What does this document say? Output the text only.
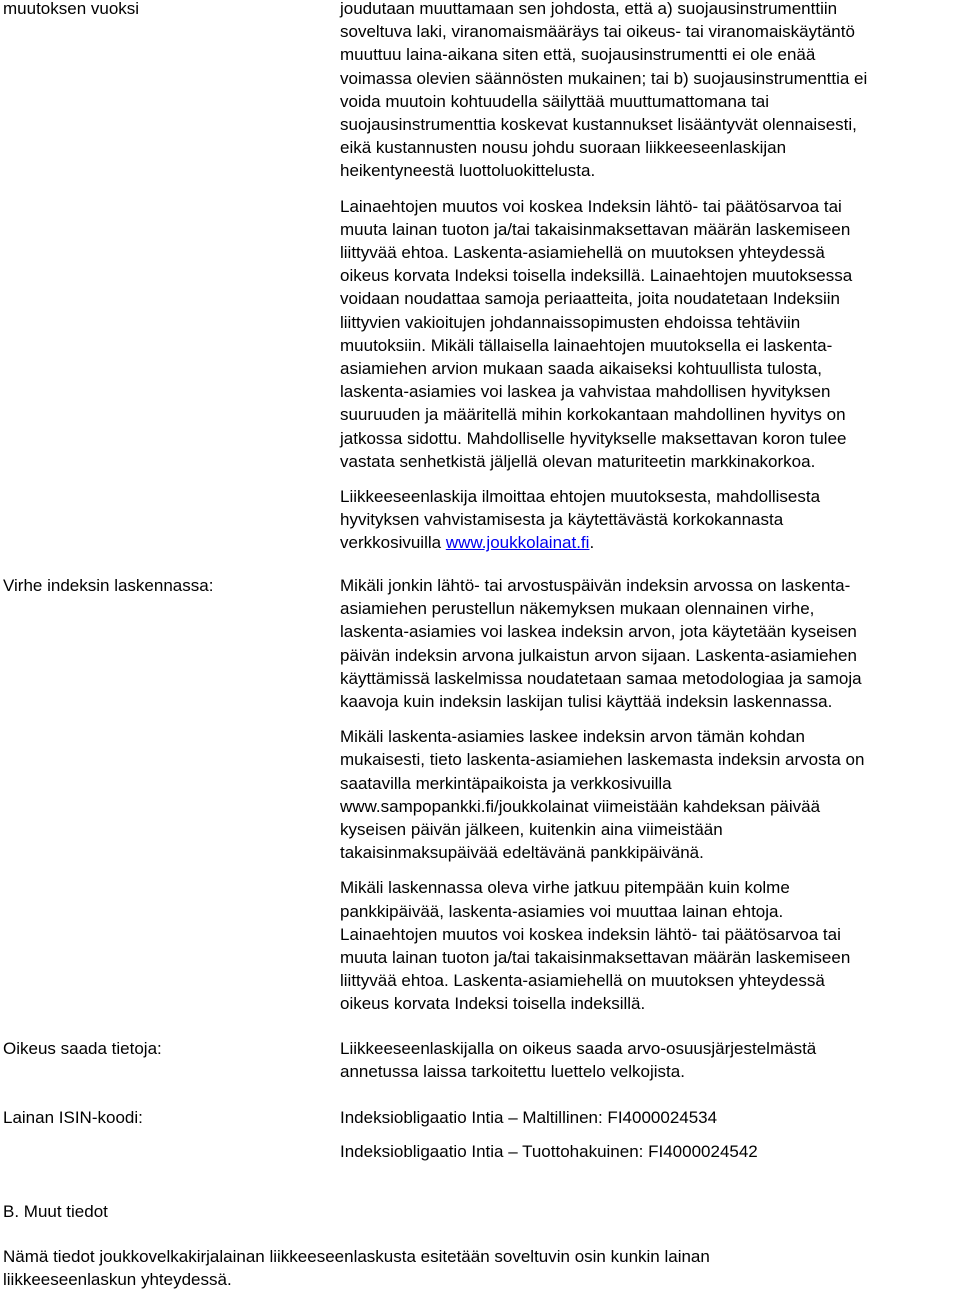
muutoksen vuoksi	joudutaan muuttamaan sen johdosta, että a) suojausinstrumenttiin
soveltuva laki, viranomaismääräys tai oikeus- tai viranomaiskäytäntö
muuttuu laina-aikana siten että, suojausinstrumentti ei ole enää
voimassa olevien säännösten mukainen; tai b) suojausinstrumenttia ei
voida muutoin kohtuudella säilyttää muuttumattomana tai
suojausinstrumenttia koskevat kustannukset lisääntyvät olennaisesti,
eikä kustannusten nousu johdu suoraan liikkeeseenlaskijan
heikentyneestä luottoluokittelusta.

Lainaehtojen muutos voi koskea Indeksin lähtö- tai päätösarvoa tai
muuta lainan tuoton ja/tai takaisinmaksettavan määrän laskemiseen
liittyvää ehtoa. Laskenta-asiamiehellä on muutoksen yhteydessä
oikeus korvata Indeksi toisella indeksillä. Lainaehtojen muutoksessa
voidaan noudattaa samoja periaatteita, joita noudatetaan Indeksiin
liittyvien vakioitujen johdannaissopimusten ehdoissa tehtäviin
muutoksiin. Mikäli tällaisella lainaehtojen muutoksella ei laskenta-
asiamiehen arvion mukaan saada aikaiseksi kohtuullista tulosta,
laskenta-asiamies voi laskea ja vahvistaa mahdollisen hyvityksen
suuruuden ja määritellä mihin korkokantaan mahdollinen hyvitys on
jatkossa sidottu. Mahdolliselle hyvitykselle maksettavan koron tulee
vastata senhetkistä jäljellä olevan maturiteetin markkinakorkoa.

Liikkeeseenlaskija ilmoittaa ehtojen muutoksesta, mahdollisesta
hyvityksen vahvistamisesta ja käytettävästä korkokannasta
verkkosivuilla www.joukkolainat.fi.

Virhe indeksin laskennassa:	Mikäli jonkin lähtö- tai arvostuspäivän indeksin arvossa on laskenta-
asiamiehen perustellun näkemyksen mukaan olennainen virhe,
laskenta-asiamies voi laskea indeksin arvon, jota käytetään kyseisen
päivän indeksin arvona julkaistun arvon sijaan. Laskenta-asiamiehen
käyttämissä laskelmissa noudatetaan samaa metodologiaa ja samoja
kaavoja kuin indeksin laskijan tulisi käyttää indeksin laskennassa.

Mikäli laskenta-asiamies laskee indeksin arvon tämän kohdan
mukaisesti, tieto laskenta-asiamiehen laskemasta indeksin arvosta on
saatavilla merkintäpaikoista ja verkkosivuilla
www.sampopankki.fi/joukkolainat viimeistään kahdeksan päivää
kyseisen päivän jälkeen, kuitenkin aina viimeistään
takaisinmaksupäivää edeltävänä pankkipäivänä.

Mikäli laskennassa oleva virhe jatkuu pitempään kuin kolme
pankkipäivää, laskenta-asiamies voi muuttaa lainan ehtoja.
Lainaehtojen muutos voi koskea indeksin lähtö- tai päätösarvoa tai
muuta lainan tuoton ja/tai takaisinmaksettavan määrän laskemiseen
liittyvää ehtoa. Laskenta-asiamiehellä on muutoksen yhteydessä
oikeus korvata Indeksi toisella indeksillä.

Oikeus saada tietoja:	Liikkeeseenlaskijalla on oikeus saada arvo-osuusjärjestelmästä
annetussa laissa tarkoitettu luettelo velkojista.

Lainan ISIN-koodi:	Indeksiobligaatio Intia – Maltillinen: FI4000024534
Indeksiobligaatio Intia – Tuottohakuinen: FI4000024542
B. Muut tiedot
Nämä tiedot joukkovelkakirjalainan liikkeeseenlaskusta esitetään soveltuvin osin kunkin lainan
liikkeeseenlaskun yhteydessä.
